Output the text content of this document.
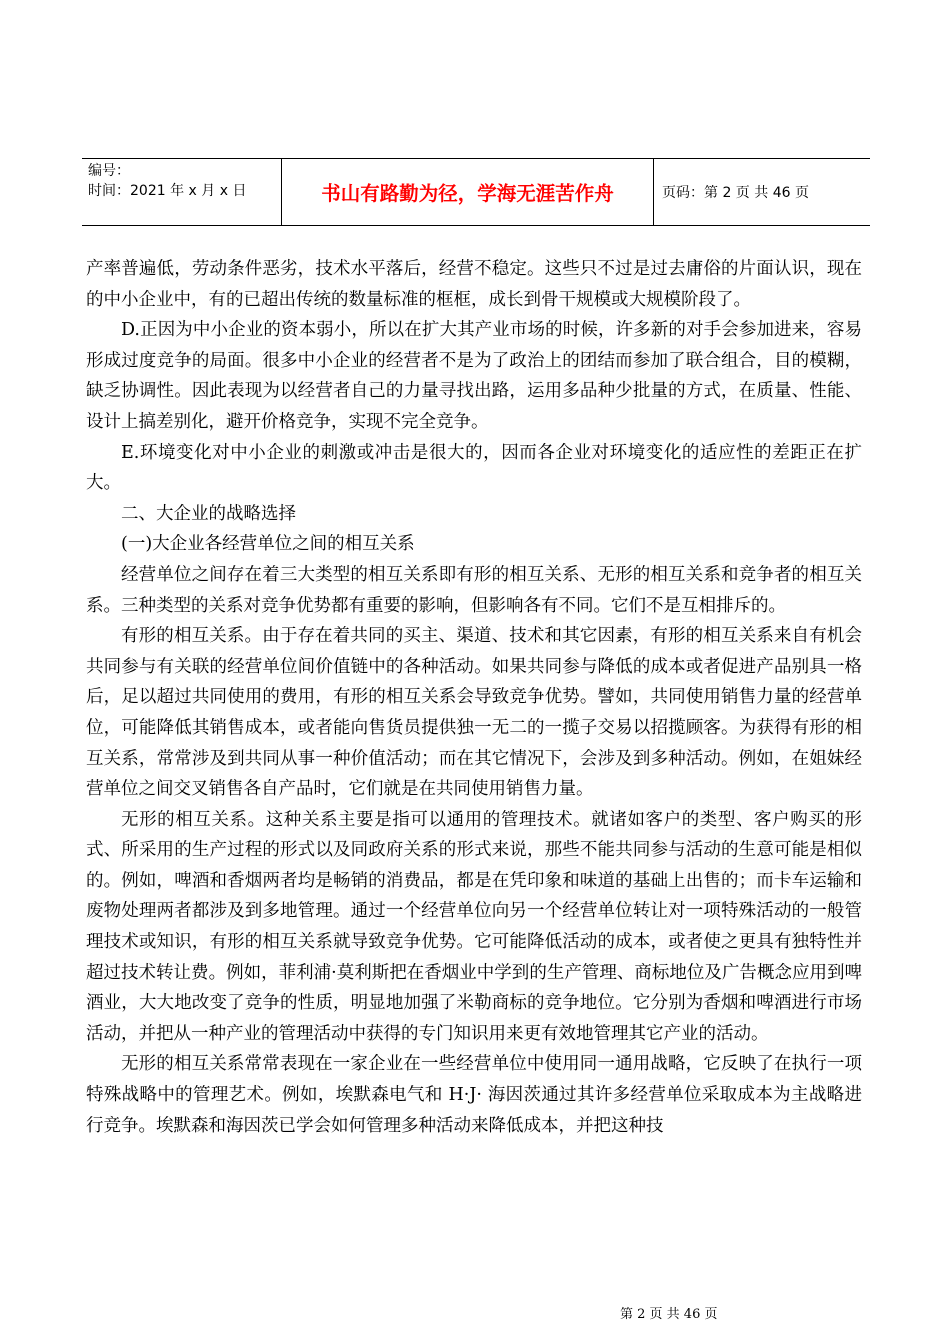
编号：
时间：2021 年 x 月 x 日	书山有路勤为径，学海无涯苦作舟	页码：第 2 页 共 46 页

产率普遍低，劳动条件恶劣，技术水平落后，经营不稳定。这些只不过是过去庸俗的片面认识，现在的中小企业中，有的已超出传统的数量标准的框框，成长到骨干规模或大规模阶段了。

D.正因为中小企业的资本弱小，所以在扩大其产业市场的时候，许多新的对手会参加进来，容易形成过度竞争的局面。很多中小企业的经营者不是为了政治上的团结而参加了联合组合，目的模糊，缺乏协调性。因此表现为以经营者自己的力量寻找出路，运用多品种少批量的方式，在质量、性能、设计上搞差别化，避开价格竞争，实现不完全竞争。

E.环境变化对中小企业的刺激或冲击是很大的，因而各企业对环境变化的适应性的差距正在扩大。

二、大企业的战略选择

(一)大企业各经营单位之间的相互关系

经营单位之间存在着三大类型的相互关系即有形的相互关系、无形的相互关系和竞争者的相互关系。三种类型的关系对竞争优势都有重要的影响，但影响各有不同。它们不是互相排斥的。

有形的相互关系。由于存在着共同的买主、渠道、技术和其它因素，有形的相互关系来自有机会共同参与有关联的经营单位间价值链中的各种活动。如果共同参与降低的成本或者促进产品别具一格后，足以超过共同使用的费用，有形的相互关系会导致竞争优势。譬如，共同使用销售力量的经营单位，可能降低其销售成本，或者能向售货员提供独一无二的一揽子交易以招揽顾客。为获得有形的相互关系，常常涉及到共同从事一种价值活动；而在其它情况下，会涉及到多种活动。例如，在姐妹经营单位之间交叉销售各自产品时，它们就是在共同使用销售力量。

无形的相互关系。这种关系主要是指可以通用的管理技术。就诸如客户的类型、客户购买的形式、所采用的生产过程的形式以及同政府关系的形式来说，那些不能共同参与活动的生意可能是相似的。例如，啤酒和香烟两者均是畅销的消费品，都是在凭印象和味道的基础上出售的；而卡车运输和废物处理两者都涉及到多地管理。通过一个经营单位向另一个经营单位转让对一项特殊活动的一般管理技术或知识，有形的相互关系就导致竞争优势。它可能降低活动的成本，或者使之更具有独特性并超过技术转让费。例如，菲利浦·莫利斯把在香烟业中学到的生产管理、商标地位及广告概念应用到啤酒业，大大地改变了竞争的性质，明显地加强了米勒商标的竞争地位。它分别为香烟和啤酒进行市场活动，并把从一种产业的管理活动中获得的专门知识用来更有效地管理其它产业的活动。

无形的相互关系常常表现在一家企业在一些经营单位中使用同一通用战略，它反映了在执行一项特殊战略中的管理艺术。例如，埃默森电气和 H·J· 海因茨通过其许多经营单位采取成本为主战略进行竞争。埃默森和海因茨已学会如何管理多种活动来降低成本，并把这种技

第 2 页 共 46 页
